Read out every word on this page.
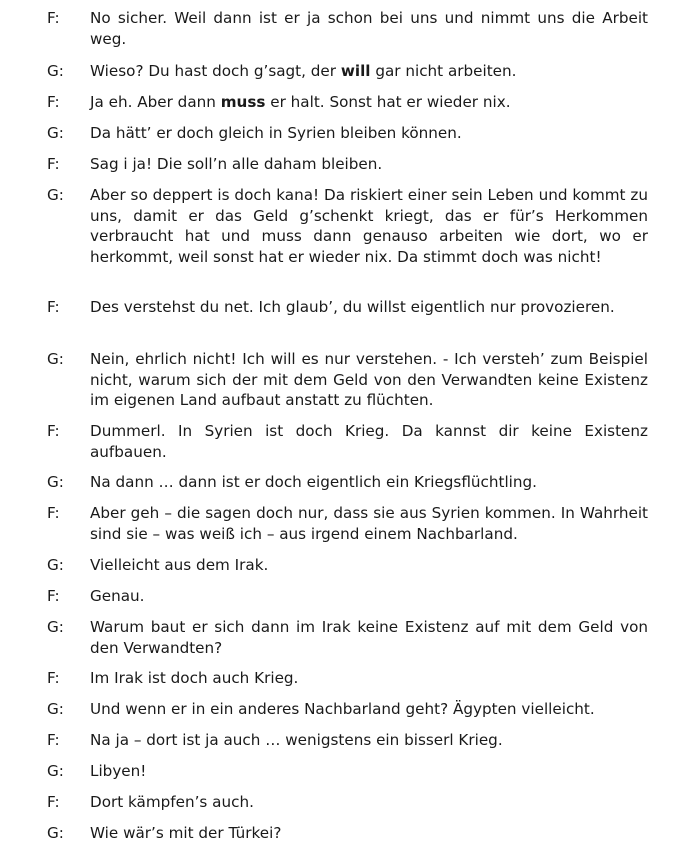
F:	No sicher. Weil dann ist er ja schon bei uns und nimmt uns die Arbeit weg.

G:	Wieso? Du hast doch g’sagt, der will gar nicht arbeiten.

F:	Ja eh. Aber dann muss er halt. Sonst hat er wieder nix.

G:	Da hätt’ er doch gleich in Syrien bleiben können.

F:	Sag i ja! Die soll’n alle daham bleiben.

G:	Aber so deppert is doch kana! Da riskiert einer sein Leben und kommt zu uns, damit er das Geld g’schenkt kriegt, das er für’s Herkommen verbraucht hat und muss dann genauso arbeiten wie dort, wo er herkommt, weil sonst hat er wieder nix. Da stimmt doch was nicht!

F:	Des verstehst du net. Ich glaub’, du willst eigentlich nur provozieren.

G:	Nein, ehrlich nicht! Ich will es nur verstehen. - Ich versteh’ zum Beispiel nicht, warum sich der mit dem Geld von den Verwandten keine Existenz im eigenen Land aufbaut anstatt zu flüchten.

F:	Dummerl. In Syrien ist doch Krieg. Da kannst dir keine Existenz aufbauen.

G:	Na dann … dann ist er doch eigentlich ein Kriegsflüchtling.

F:	Aber geh – die sagen doch nur, dass sie aus Syrien kommen. In Wahrheit sind sie – was weiß ich – aus irgend einem Nachbarland.

G:	Vielleicht aus dem Irak.

F:	Genau.

G:	Warum baut er sich dann im Irak keine Existenz auf mit dem Geld von den Verwandten?

F:	Im Irak ist doch auch Krieg.

G:	Und wenn er in ein anderes Nachbarland geht? Ägypten vielleicht.

F:	Na ja – dort ist ja auch … wenigstens ein bisserl Krieg.

G:	Libyen!

F:	Dort kämpfen’s auch.

G:	Wie wär’s mit der Türkei?
